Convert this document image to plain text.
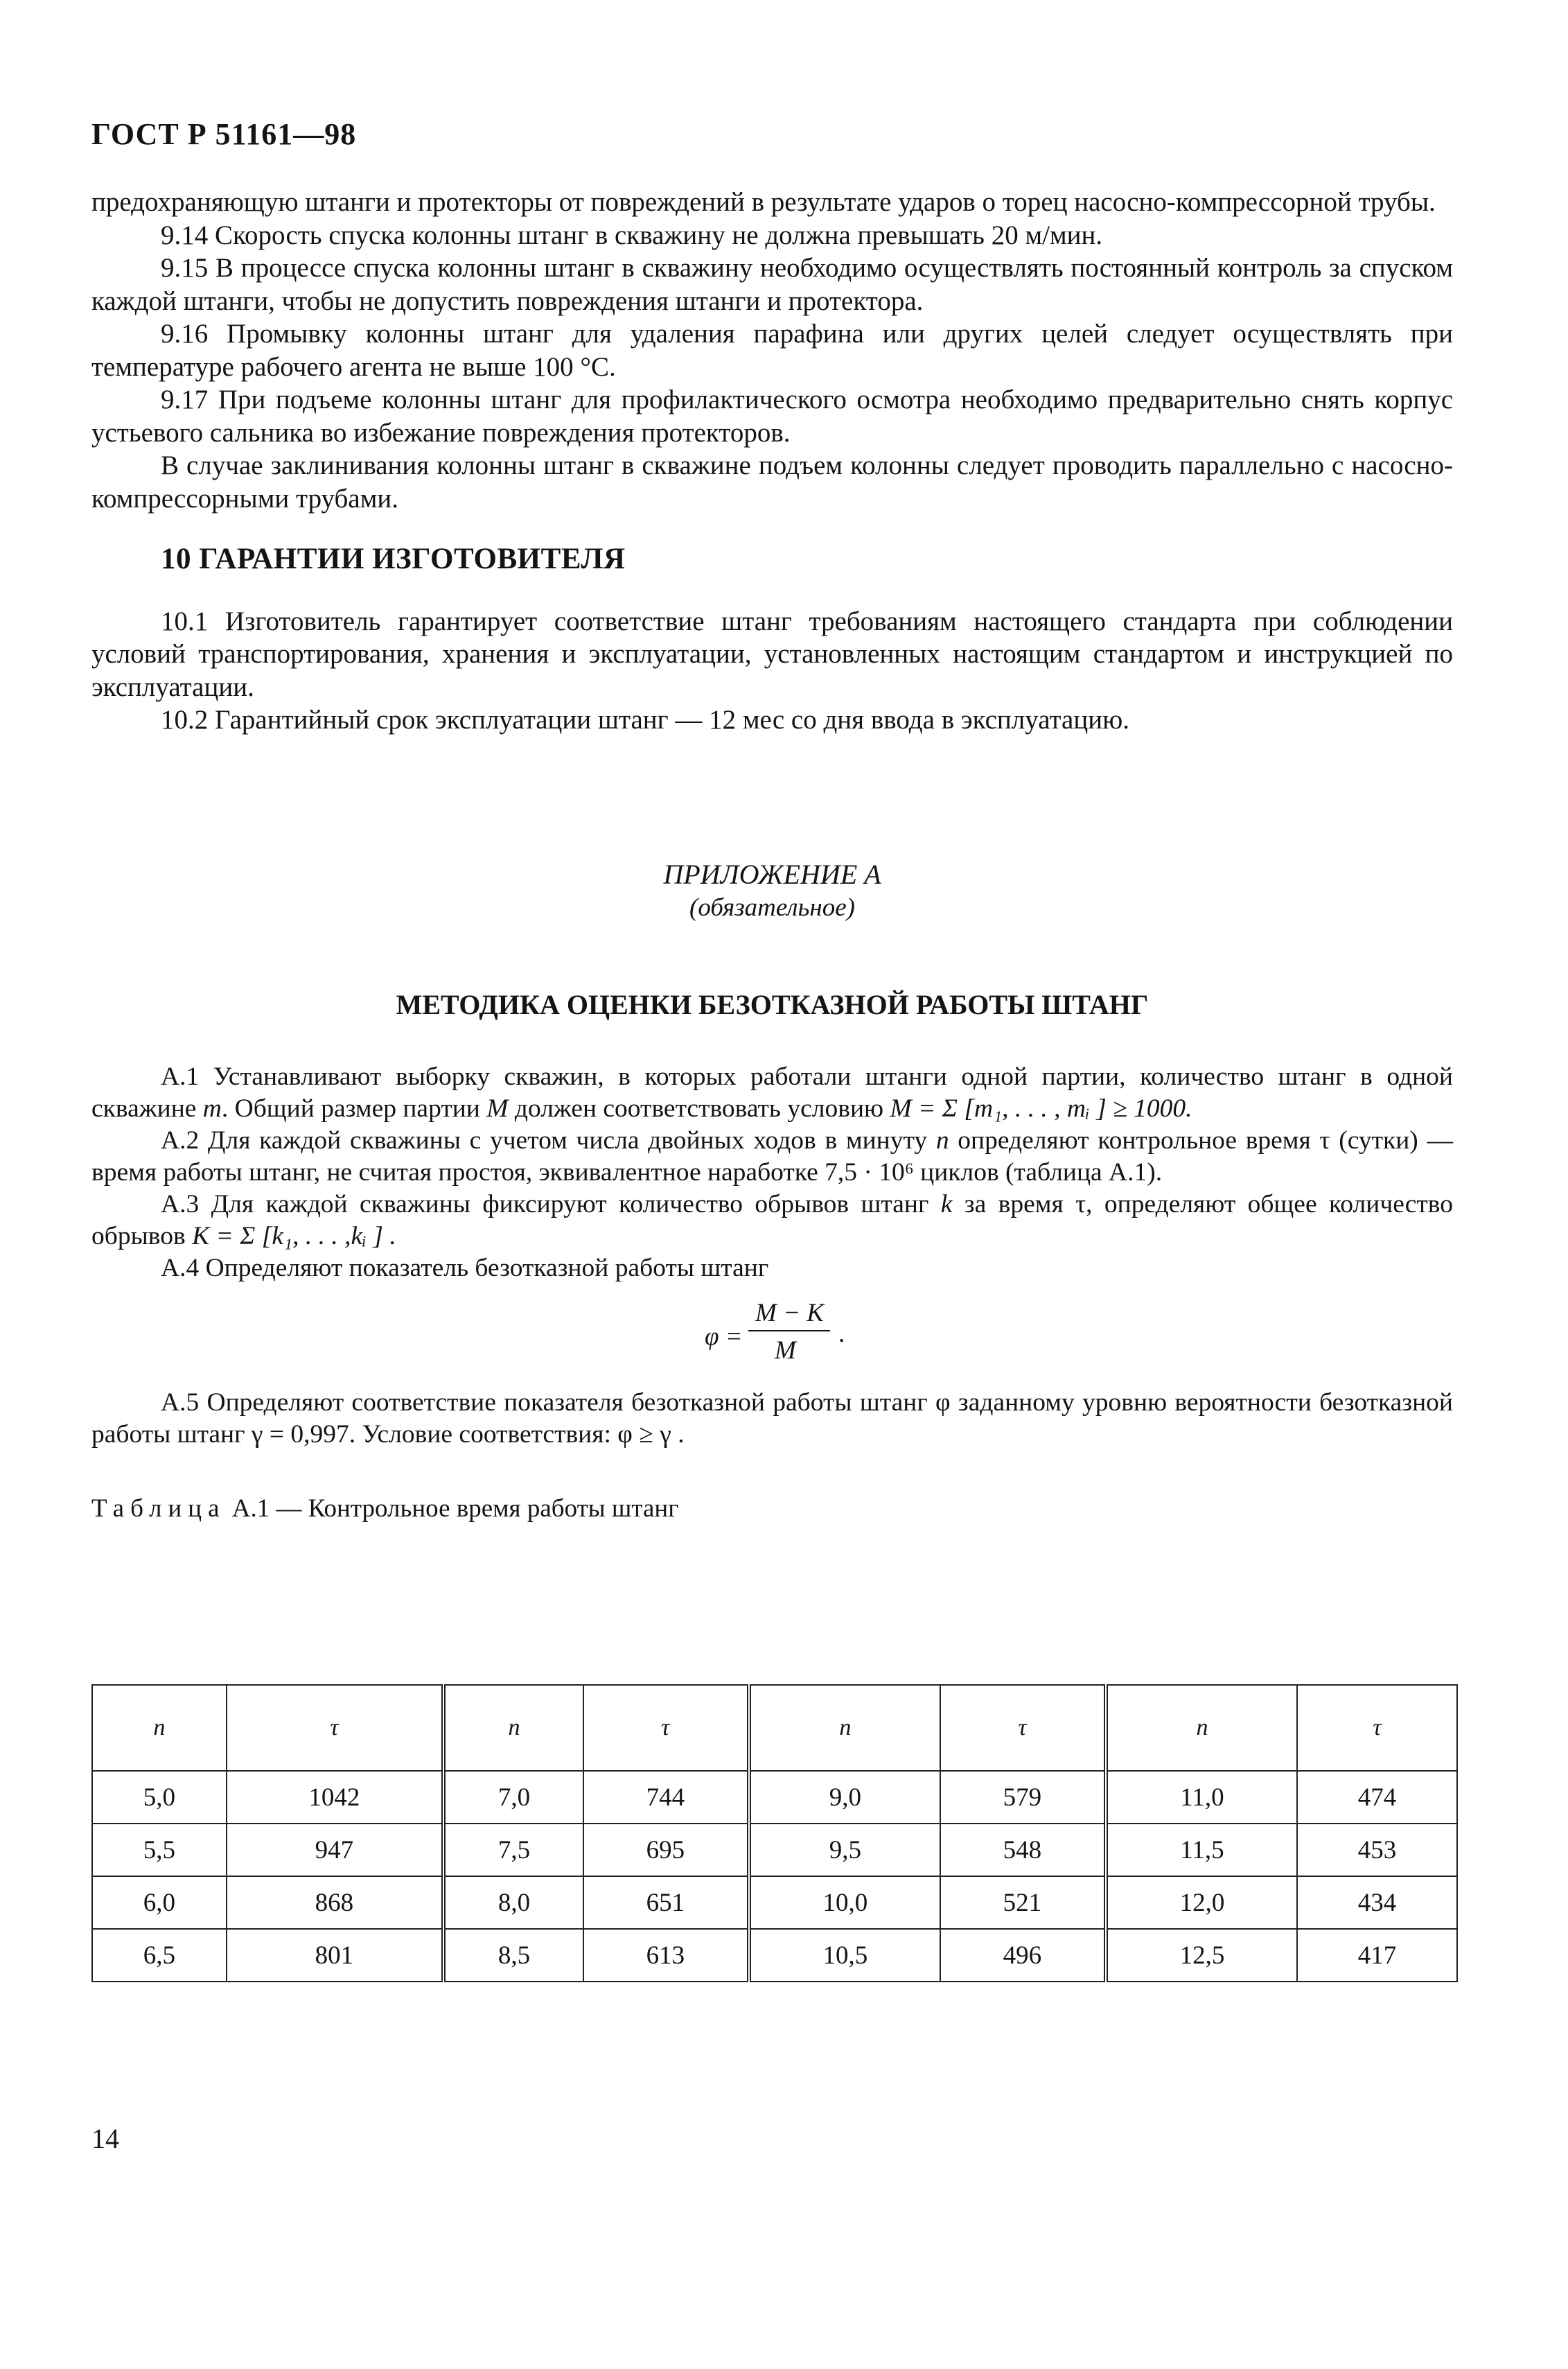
ГОСТ Р 51161—98

предохраняющую штанги и протекторы от повреждений в результате ударов о торец насосно-компрессорной трубы.

9.14 Скорость спуска колонны штанг в скважину не должна превышать 20 м/мин.

9.15 В процессе спуска колонны штанг в скважину необходимо осуществлять постоянный контроль за спуском каждой штанги, чтобы не допустить повреждения штанги и протектора.

9.16 Промывку колонны штанг для удаления парафина или других целей следует осуществлять при температуре рабочего агента не выше 100 °С.

9.17 При подъеме колонны штанг для профилактического осмотра необходимо предварительно снять корпус устьевого сальника во избежание повреждения протекторов.

В случае заклинивания колонны штанг в скважине подъем колонны следует проводить параллельно с насосно-компрессорными трубами.

10 ГАРАНТИИ ИЗГОТОВИТЕЛЯ

10.1 Изготовитель гарантирует соответствие штанг требованиям настоящего стандарта при соблюдении условий транспортирования, хранения и эксплуатации, установленных настоящим стандартом и инструкцией по эксплуатации.

10.2 Гарантийный срок эксплуатации штанг — 12 мес со дня ввода в эксплуатацию.

ПРИЛОЖЕНИЕ А

(обязательное)

МЕТОДИКА ОЦЕНКИ БЕЗОТКАЗНОЙ РАБОТЫ ШТАНГ

А.1 Устанавливают выборку скважин, в которых работали штанги одной партии, количество штанг в одной скважине m. Общий размер партии M должен соответствовать условию M = Σ [m₁, . . . , mᵢ ] ≥ 1000.

А.2 Для каждой скважины с учетом числа двойных ходов в минуту n определяют контрольное время τ (сутки) — время работы штанг, не считая простоя, эквивалентное наработке 7,5 · 10⁶ циклов (таблица А.1).

А.3 Для каждой скважины фиксируют количество обрывов штанг k за время τ, определяют общее количество обрывов K = Σ [k₁, . . . ,kᵢ ] .

А.4 Определяют показатель безотказной работы штанг

φ =
M − K
M
.

А.5 Определяют соответствие показателя безотказной работы штанг φ заданному уровню вероятности безотказной работы штанг γ = 0,997. Условие соответствия: φ ≥ γ .

Таблица А.1 — Контрольное время работы штанг

n	τ	n	τ	n	τ	n	τ
5,0	1042	7,0	744	9,0	579	11,0	474
5,5	947	7,5	695	9,5	548	11,5	453
6,0	868	8,0	651	10,0	521	12,0	434
6,5	801	8,5	613	10,5	496	12,5	417
14
